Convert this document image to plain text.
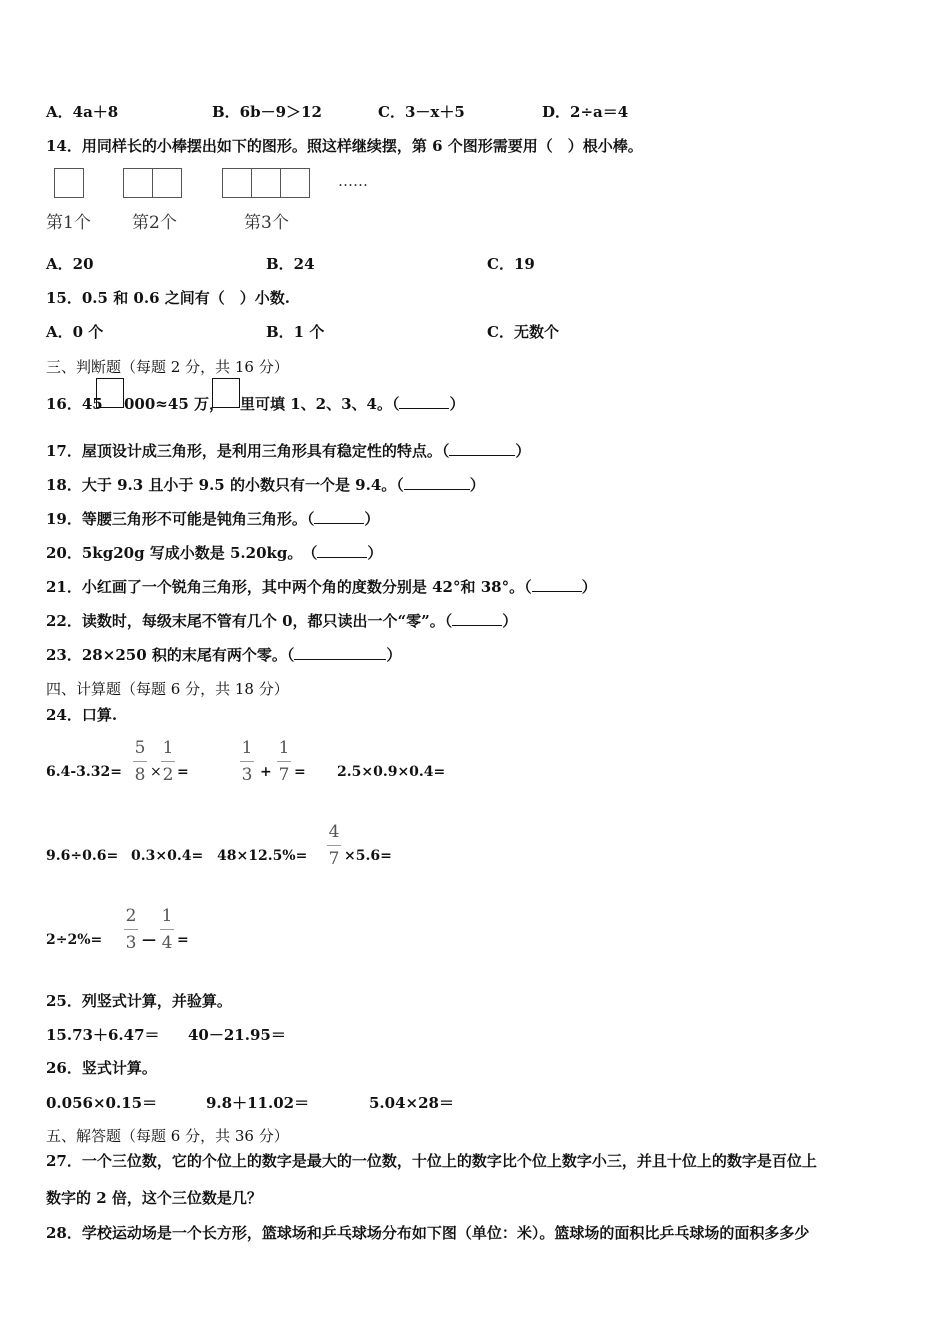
A．4a＋8	B．6b－9＞12	C．3－x＋5	D．2÷a＝4
14．用同样长的小棒摆出如下的图形。照这样继续摆，第 6 个图形需要用（　）根小棒。
……
第1个 第2个	第3个
A．20	B．24	C．19
15．0.5 和 0.6 之间有（　）小数.
A．0 个	B．1 个	C．无数个
三、判断题（每题 2 分，共 16 分）
16．45 000≈45 万， 里可填 1、2、3、4。（	）
17．屋顶设计成三角形，是利用三角形具有稳定性的特点。（	）
18．大于 9.3 且小于 9.5 的小数只有一个是 9.4。（	）
19．等腰三角形不可能是钝角三角形。（	）
20．5kg20g 写成小数是 5.20kg。　（	）
21．小红画了一个锐角三角形，其中两个角的度数分别是 42°和 38°。（	）
22．读数时，每级末尾不管有几个 0，都只读出一个“零”。（	）
23．28×250 积的末尾有两个零。（	）
四、计算题（每题 6 分，共 18 分）
24．口算.
$6.4-3.32= \frac{5}{8} \times \frac{1}{2}$ =	$\frac{1}{3} + \frac{1}{7} = 2.5\times 0.9\times 0.4=$
$9.6\div 0.6= 0.3\times 0.4= 48\times 12.5\%= \frac{4}{7} \times 5.6=$
$2\div 2\%= \frac{2}{3}$ — $\frac{1}{4}$ =
25．列竖式计算，并验算。
15.73＋6.47＝ 40－21.95＝
26．竖式计算。
0.056×0.15＝	9.8＋11.02＝	5.04×28＝
五、解答题（每题 6 分，共 36 分）
27．一个三位数，它的个位上的数字是最大的一位数，十位上的数字比个位上数字小三，并且十位上的数字是百位上
数字的 2 倍，这个三位数是几？
28．学校运动场是一个长方形，篮球场和乒乓球场分布如下图（单位：米）。篮球场的面积比乒乓球场的面积多多少
